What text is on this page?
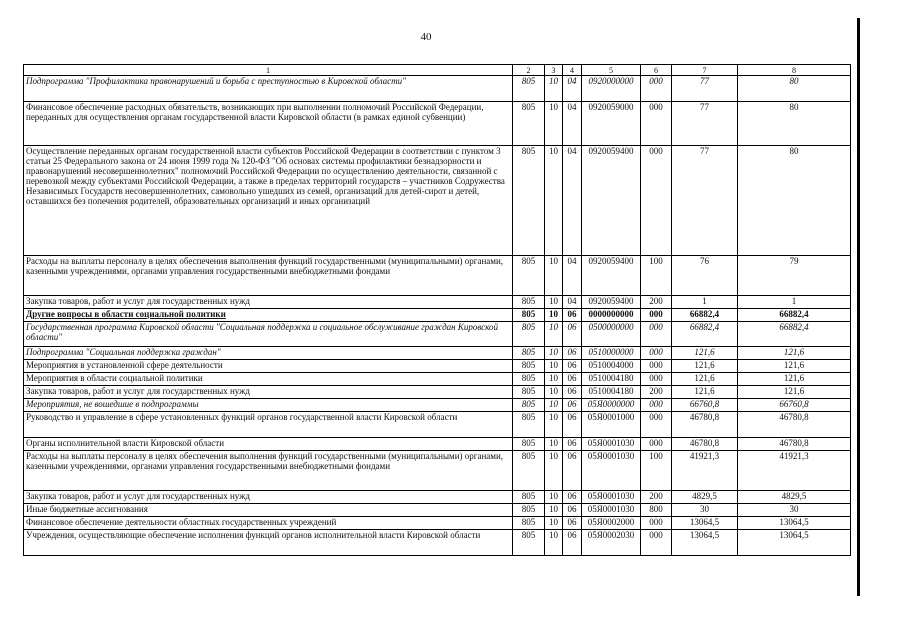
40
1	2	3	4	5	6	7	8
Подпрограмма "Профилактика правонарушений и борьба с преступностью в Кировской области"	805	10	04	0920000000	000	77	80
Финансовое обеспечение расходных обязательств, возникающих при выполнении полномочий Российской Федерации, переданных для осуществления органам государственной власти Кировской области (в рамках единой субвенции)	805	10	04	0920059000	000	77	80
Осуществление переданных органам государственной власти субъектов Российской Федерации в соответствии с пунктом 3 статьи 25 Федерального закона от 24 июня 1999 года № 120-ФЗ "Об основах системы профилактики безнадзорности и правонарушений несовершеннолетних" полномочий Российской Федерации по осуществлению деятельности, связанной с перевозкой между субъектами Российской Федерации, а также в пределах территорий государств – участников Содружества Независимых Государств несовершеннолетних, самовольно ушедших из семей, организаций для детей-сирот и детей, оставшихся без попечения родителей, образовательных организаций и иных организаций	805	10	04	0920059400	000	77	80
Расходы на выплаты персоналу в целях обеспечения выполнения функций государственными (муниципальными) органами, казенными учреждениями, органами управления государственными внебюджетными фондами	805	10	04	0920059400	100	76	79
Закупка товаров, работ и услуг для государственных нужд	805	10	04	0920059400	200	1	1
Другие вопросы в области социальной политики	805	10	06	0000000000	000	66882,4	66882,4
Государственная программа Кировской области "Социальная поддержка и социальное обслуживание граждан Кировской области"	805	10	06	0500000000	000	66882,4	66882,4
Подпрограмма "Социальная поддержка граждан"	805	10	06	0510000000	000	121,6	121,6
Мероприятия в установленной сфере деятельности	805	10	06	0510004000	000	121,6	121,6
Мероприятия в области социальной политики	805	10	06	0510004180	000	121,6	121,6
Закупка товаров, работ и услуг для государственных нужд	805	10	06	0510004180	200	121,6	121,6
Мероприятия, не вошедшие в подпрограммы	805	10	06	05Я0000000	000	66760,8	66760,8
Руководство и управление в сфере установленных функций органов государственной власти Кировской области	805	10	06	05Я0001000	000	46780,8	46780,8
Органы исполнительной власти Кировской области	805	10	06	05Я0001030	000	46780,8	46780,8
Расходы на выплаты персоналу в целях обеспечения выполнения функций государственными (муниципальными) органами, казенными учреждениями, органами управления государственными внебюджетными фондами	805	10	06	05Я0001030	100	41921,3	41921,3
Закупка товаров, работ и услуг для государственных нужд	805	10	06	05Я0001030	200	4829,5	4829,5
Иные бюджетные ассигнования	805	10	06	05Я0001030	800	30	30
Финансовое обеспечение деятельности областных государственных учреждений	805	10	06	05Я0002000	000	13064,5	13064,5
Учреждения, осуществляющие обеспечение исполнения функций органов исполнительной власти Кировской области	805	10	06	05Я0002030	000	13064,5	13064,5
